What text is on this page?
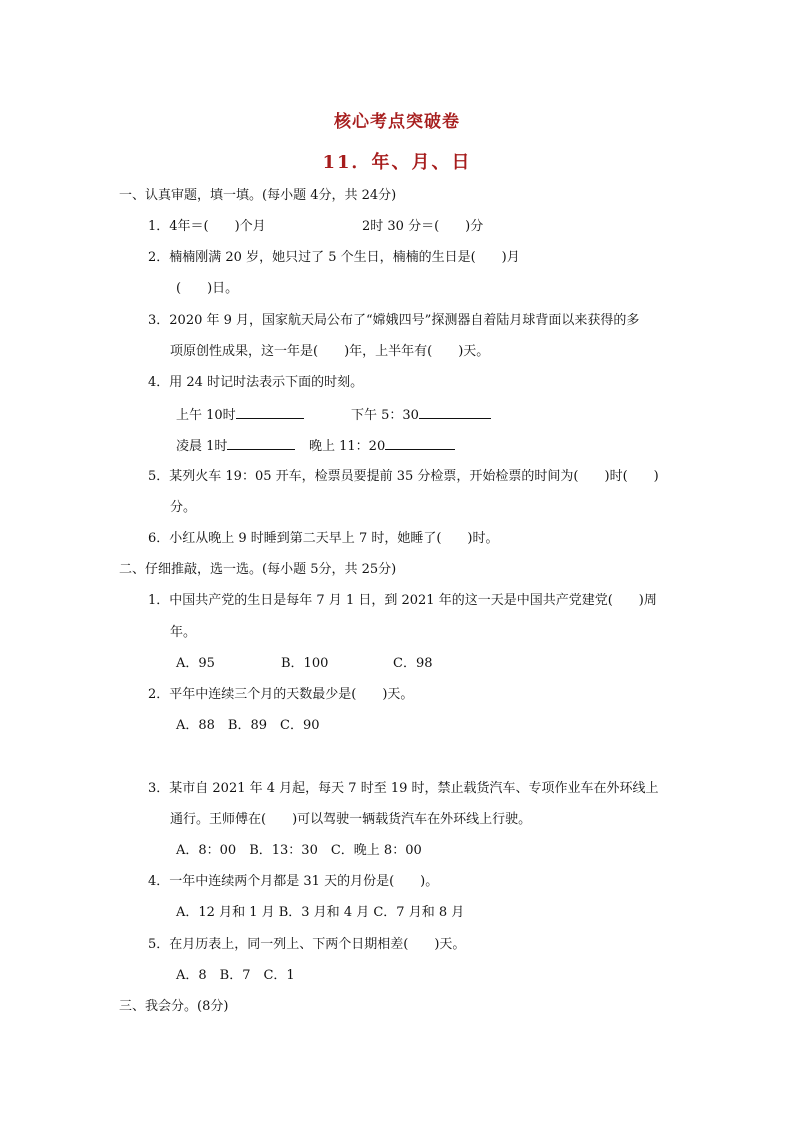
核心考点突破卷
11．年、月、日
一、认真审题，填一填。(每小题 4分，共 24分)
1．4年＝(　　)个月	2时 30 分＝(　　)分
2．楠楠刚满 20 岁，她只过了 5 个生日，楠楠的生日是(　　)月
(　　)日。
3．2020 年 9 月，国家航天局公布了“嫦娥四号”探测器自着陆月球背面以来获得的多
项原创性成果，这一年是(　　)年，上半年有(　　)天。
4．用 24 时记时法表示下面的时刻。
上午 10时	下午 5：30
凌晨 1时	晚上 11：20
5．某列火车 19：05 开车，检票员要提前 35 分检票，开始检票的时间为(　　)时(　　)
分。
6．小红从晚上 9 时睡到第二天早上 7 时，她睡了(　　)时。
二、仔细推敲，选一选。(每小题 5分，共 25分)
1．中国共产党的生日是每年 7 月 1 日，到 2021 年的这一天是中国共产党建党(　　)周
年。
A．95	B．100	C．98
2．平年中连续三个月的天数最少是(　　)天。
A．88　B．89　C．90
3．某市自 2021 年 4 月起，每天 7 时至 19 时，禁止载货汽车、专项作业车在外环线上
通行。王师傅在(　　)可以驾驶一辆载货汽车在外环线上行驶。
A．8：00　B．13：30　C．晚上 8：00
4．一年中连续两个月都是 31 天的月份是(　　)。
A．12 月和 1 月 B．3 月和 4 月 C．7 月和 8 月
5．在月历表上，同一列上、下两个日期相差(　　)天。
A．8　B．7　C．1
三、我会分。(8分)
